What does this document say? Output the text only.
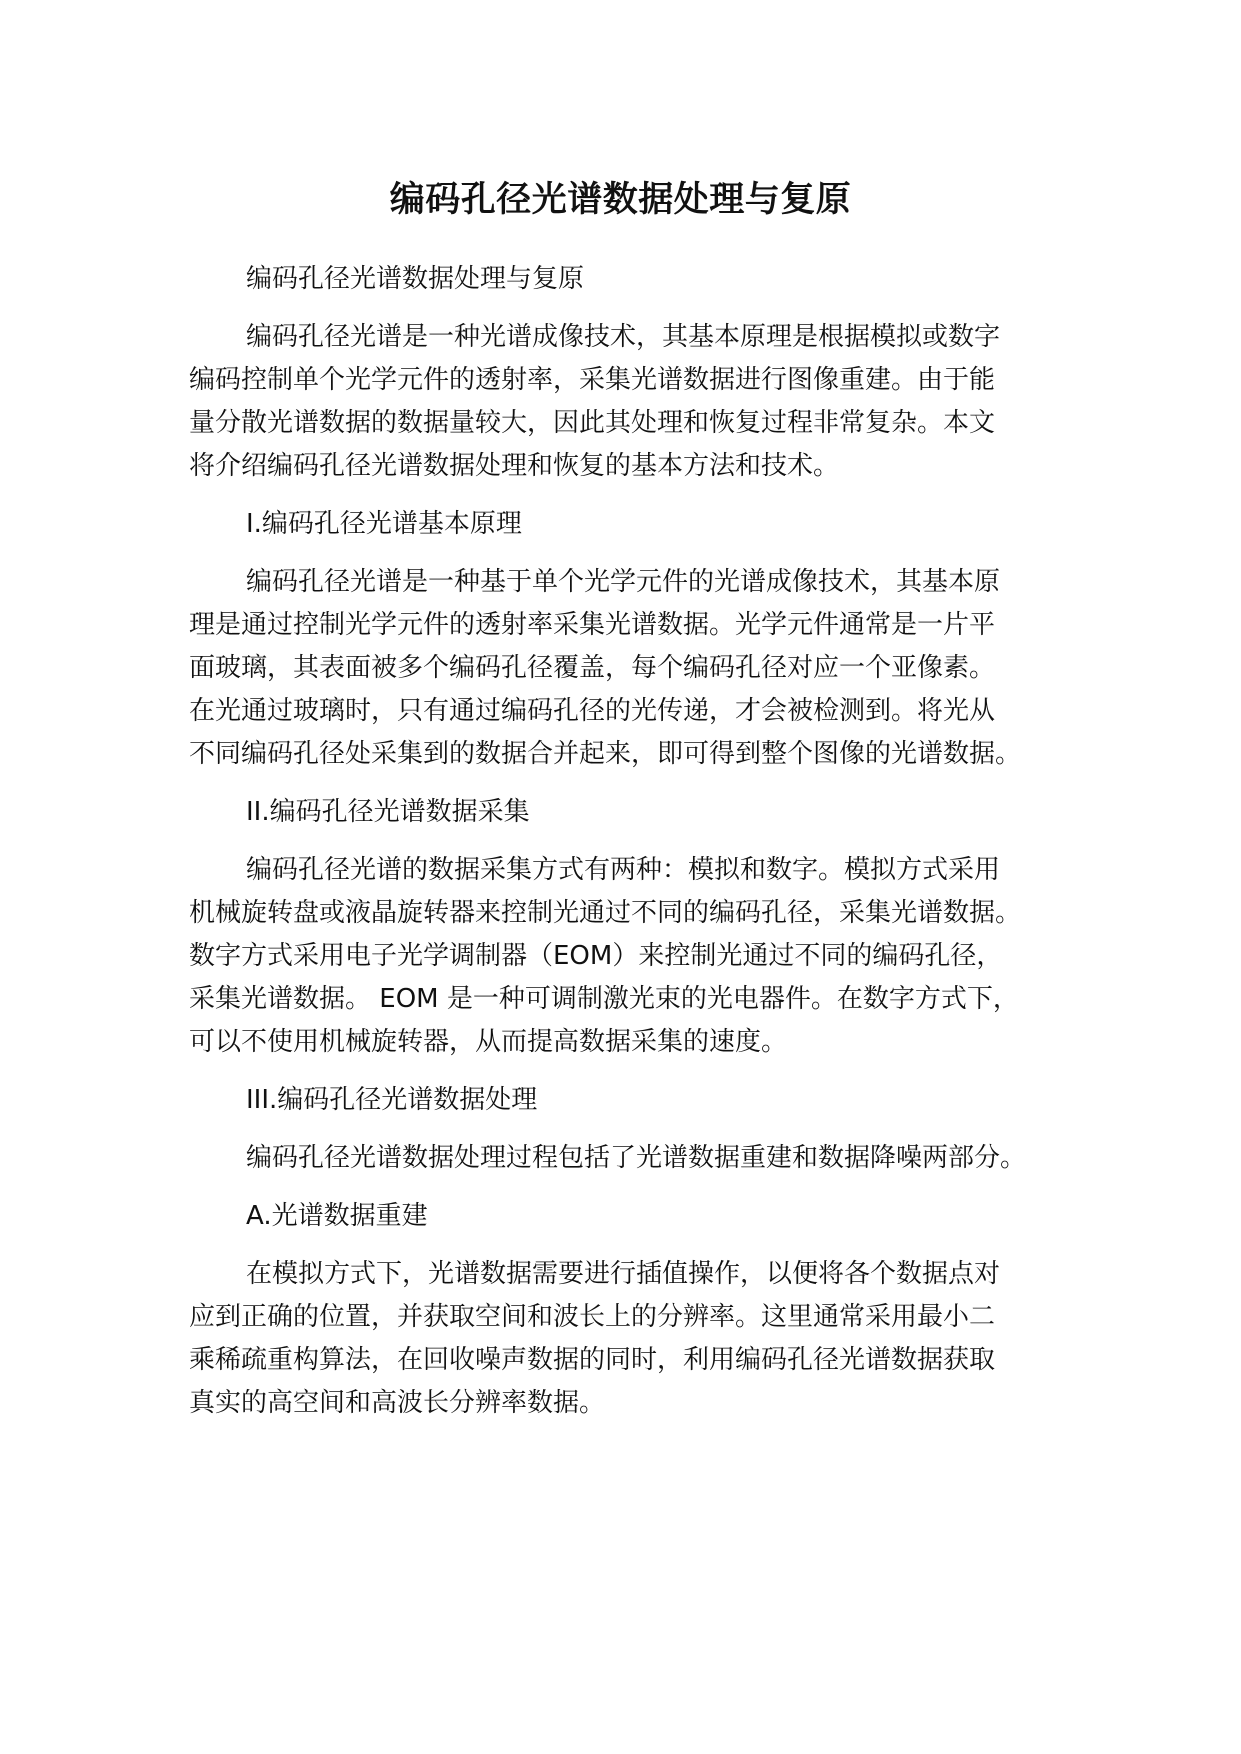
编码孔径光谱数据处理与复原
编码孔径光谱数据处理与复原
编码孔径光谱是一种光谱成像技术，其基本原理是根据模拟或数字
编码控制单个光学元件的透射率，采集光谱数据进行图像重建。由于能
量分散光谱数据的数据量较大，因此其处理和恢复过程非常复杂。本文
将介绍编码孔径光谱数据处理和恢复的基本方法和技术。
I.编码孔径光谱基本原理
编码孔径光谱是一种基于单个光学元件的光谱成像技术，其基本原
理是通过控制光学元件的透射率采集光谱数据。光学元件通常是一片平
面玻璃，其表面被多个编码孔径覆盖，每个编码孔径对应一个亚像素。
在光通过玻璃时，只有通过编码孔径的光传递，才会被检测到。将光从
不同编码孔径处采集到的数据合并起来，即可得到整个图像的光谱数据。
II.编码孔径光谱数据采集
编码孔径光谱的数据采集方式有两种：模拟和数字。模拟方式采用
机械旋转盘或液晶旋转器来控制光通过不同的编码孔径，采集光谱数据。
数字方式采用电子光学调制器（EOM）来控制光通过不同的编码孔径，
采集光谱数据。 EOM 是一种可调制激光束的光电器件。在数字方式下，
可以不使用机械旋转器，从而提高数据采集的速度。
III.编码孔径光谱数据处理
编码孔径光谱数据处理过程包括了光谱数据重建和数据降噪两部分。
A.光谱数据重建
在模拟方式下，光谱数据需要进行插值操作，以便将各个数据点对
应到正确的位置，并获取空间和波长上的分辨率。这里通常采用最小二
乘稀疏重构算法，在回收噪声数据的同时，利用编码孔径光谱数据获取
真实的高空间和高波长分辨率数据。
